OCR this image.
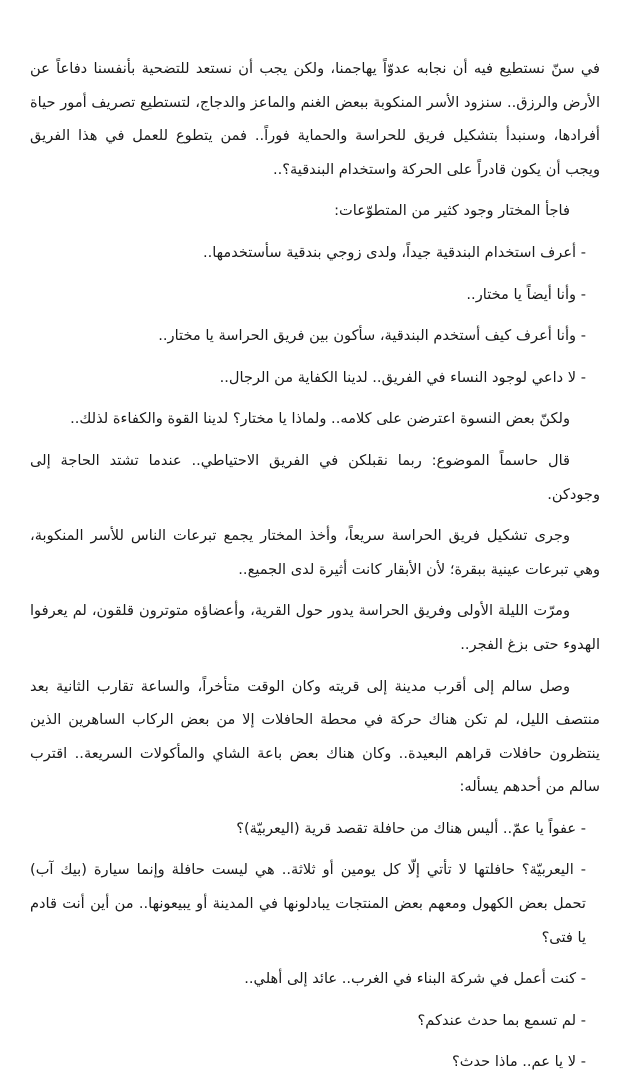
في سنّ نستطيع فيه أن نجابه عدوّاً يهاجمنا، ولكن يجب أن نستعد للتضحية بأنفسنا دفاعاً عن الأرض والرزق.. سنزود الأسر المنكوبة ببعض الغنم والماعز والدجاج، لتستطيع تصريف أمور حياة أفرادها، وسنبدأ بتشكيل فريق للحراسة والحماية فوراً.. فمن يتطوع للعمل في هذا الفريق ويجب أن يكون قادراً على الحركة واستخدام البندقية؟..

فاجأ المختار وجود كثير من المتطوّعات:

- أعرف استخدام البندقية جيداً، ولدى زوجي بندقية سأستخدمها..

- وأنا أيضاً يا مختار..

- وأنا أعرف كيف أستخدم البندقية، سأكون بين فريق الحراسة يا مختار..

- لا داعي لوجود النساء في الفريق.. لدينا الكفاية من الرجال..

ولكنّ بعض النسوة اعترضن على كلامه.. ولماذا يا مختار؟ لدينا القوة والكفاءة لذلك..

قال حاسماً الموضوع: ربما نقبلكن في الفريق الاحتياطي.. عندما تشتد الحاجة إلى وجودكن.

وجرى تشكيل فريق الحراسة سريعاً، وأخذ المختار يجمع تبرعات الناس للأسر المنكوبة، وهي تبرعات عينية ببقرة؛ لأن الأبقار كانت أثيرة لدى الجميع..

ومرّت الليلة الأولى وفريق الحراسة يدور حول القرية، وأعضاؤه متوترون قلقون، لم يعرفوا الهدوء حتى بزغ الفجر..

وصل سالم إلى أقرب مدينة إلى قريته وكان الوقت متأخراً، والساعة تقارب الثانية بعد منتصف الليل، لم تكن هناك حركة في محطة الحافلات إلا من بعض الركاب الساهرين الذين ينتظرون حافلات قراهم البعيدة.. وكان هناك بعض باعة الشاي والمأكولات السريعة.. اقترب سالم من أحدهم يسأله:

- عفواً يا عمّ.. أليس هناك من حافلة تقصد قرية (اليعربيّة)؟

- اليعربيّة؟ حافلتها لا تأتي إلّا كل يومين أو ثلاثة.. هي ليست حافلة وإنما سيارة (بيك آب) تحمل بعض الكهول ومعهم بعض المنتجات يبادلونها في المدينة أو يبيعونها.. من أين أنت قادم يا فتى؟

- كنت أعمل في شركة البناء في الغرب.. عائد إلى أهلي..

- لم تسمع بما حدث عندكم؟

- لا يا عم.. ماذا حدث؟
